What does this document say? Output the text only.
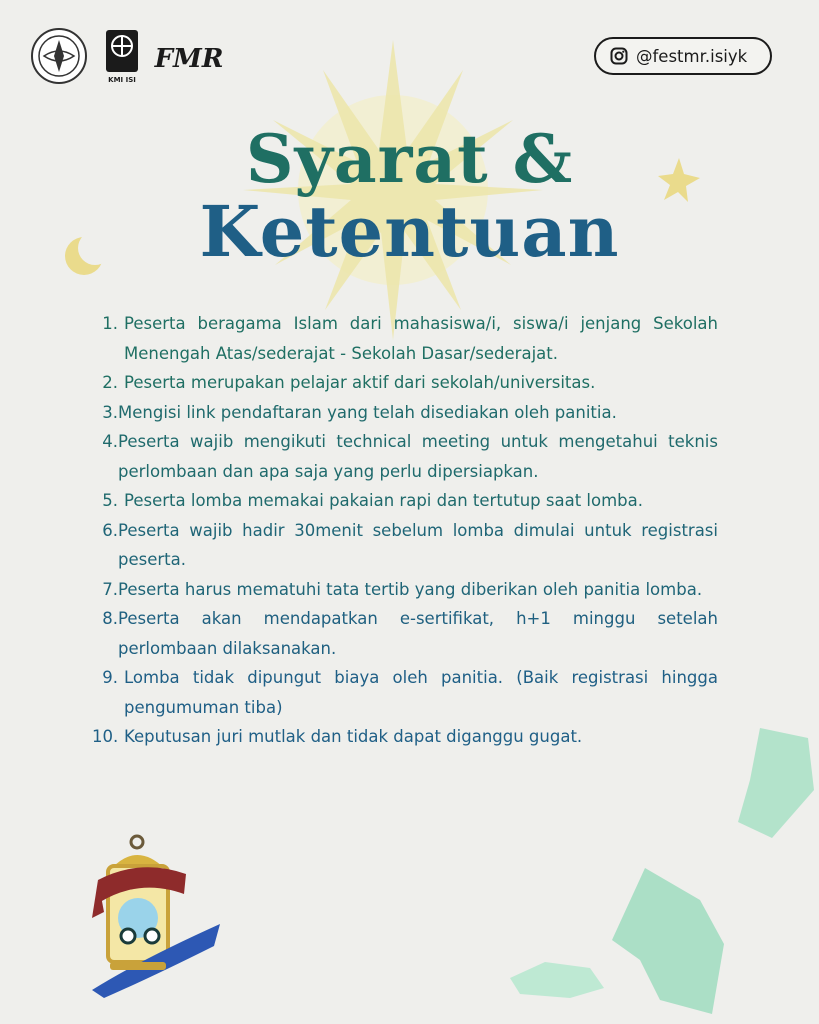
KMI ISI
FMR	@festmr.isiyk
Syarat &
Ketentuan
1. Peserta beragama Islam dari mahasiswa/i, siswa/i jenjang Sekolah Menengah Atas/sederajat - Sekolah Dasar/sederajat.
2. Peserta merupakan pelajar aktif dari sekolah/universitas.
3. Mengisi link pendaftaran yang telah disediakan oleh panitia.
4. Peserta wajib mengikuti technical meeting untuk mengetahui teknis perlombaan dan apa saja yang perlu dipersiapkan.
5. Peserta lomba memakai pakaian rapi dan tertutup saat lomba.
6. Peserta wajib hadir 30menit sebelum lomba dimulai untuk registrasi peserta.
7. Peserta harus mematuhi tata tertib yang diberikan oleh panitia lomba.
8. Peserta akan mendapatkan e-sertifikat, h+1 minggu setelah perlombaan dilaksanakan.
9. Lomba tidak dipungut biaya oleh panitia. (Baik registrasi hingga pengumuman tiba)
10. Keputusan juri mutlak dan tidak dapat diganggu gugat.
